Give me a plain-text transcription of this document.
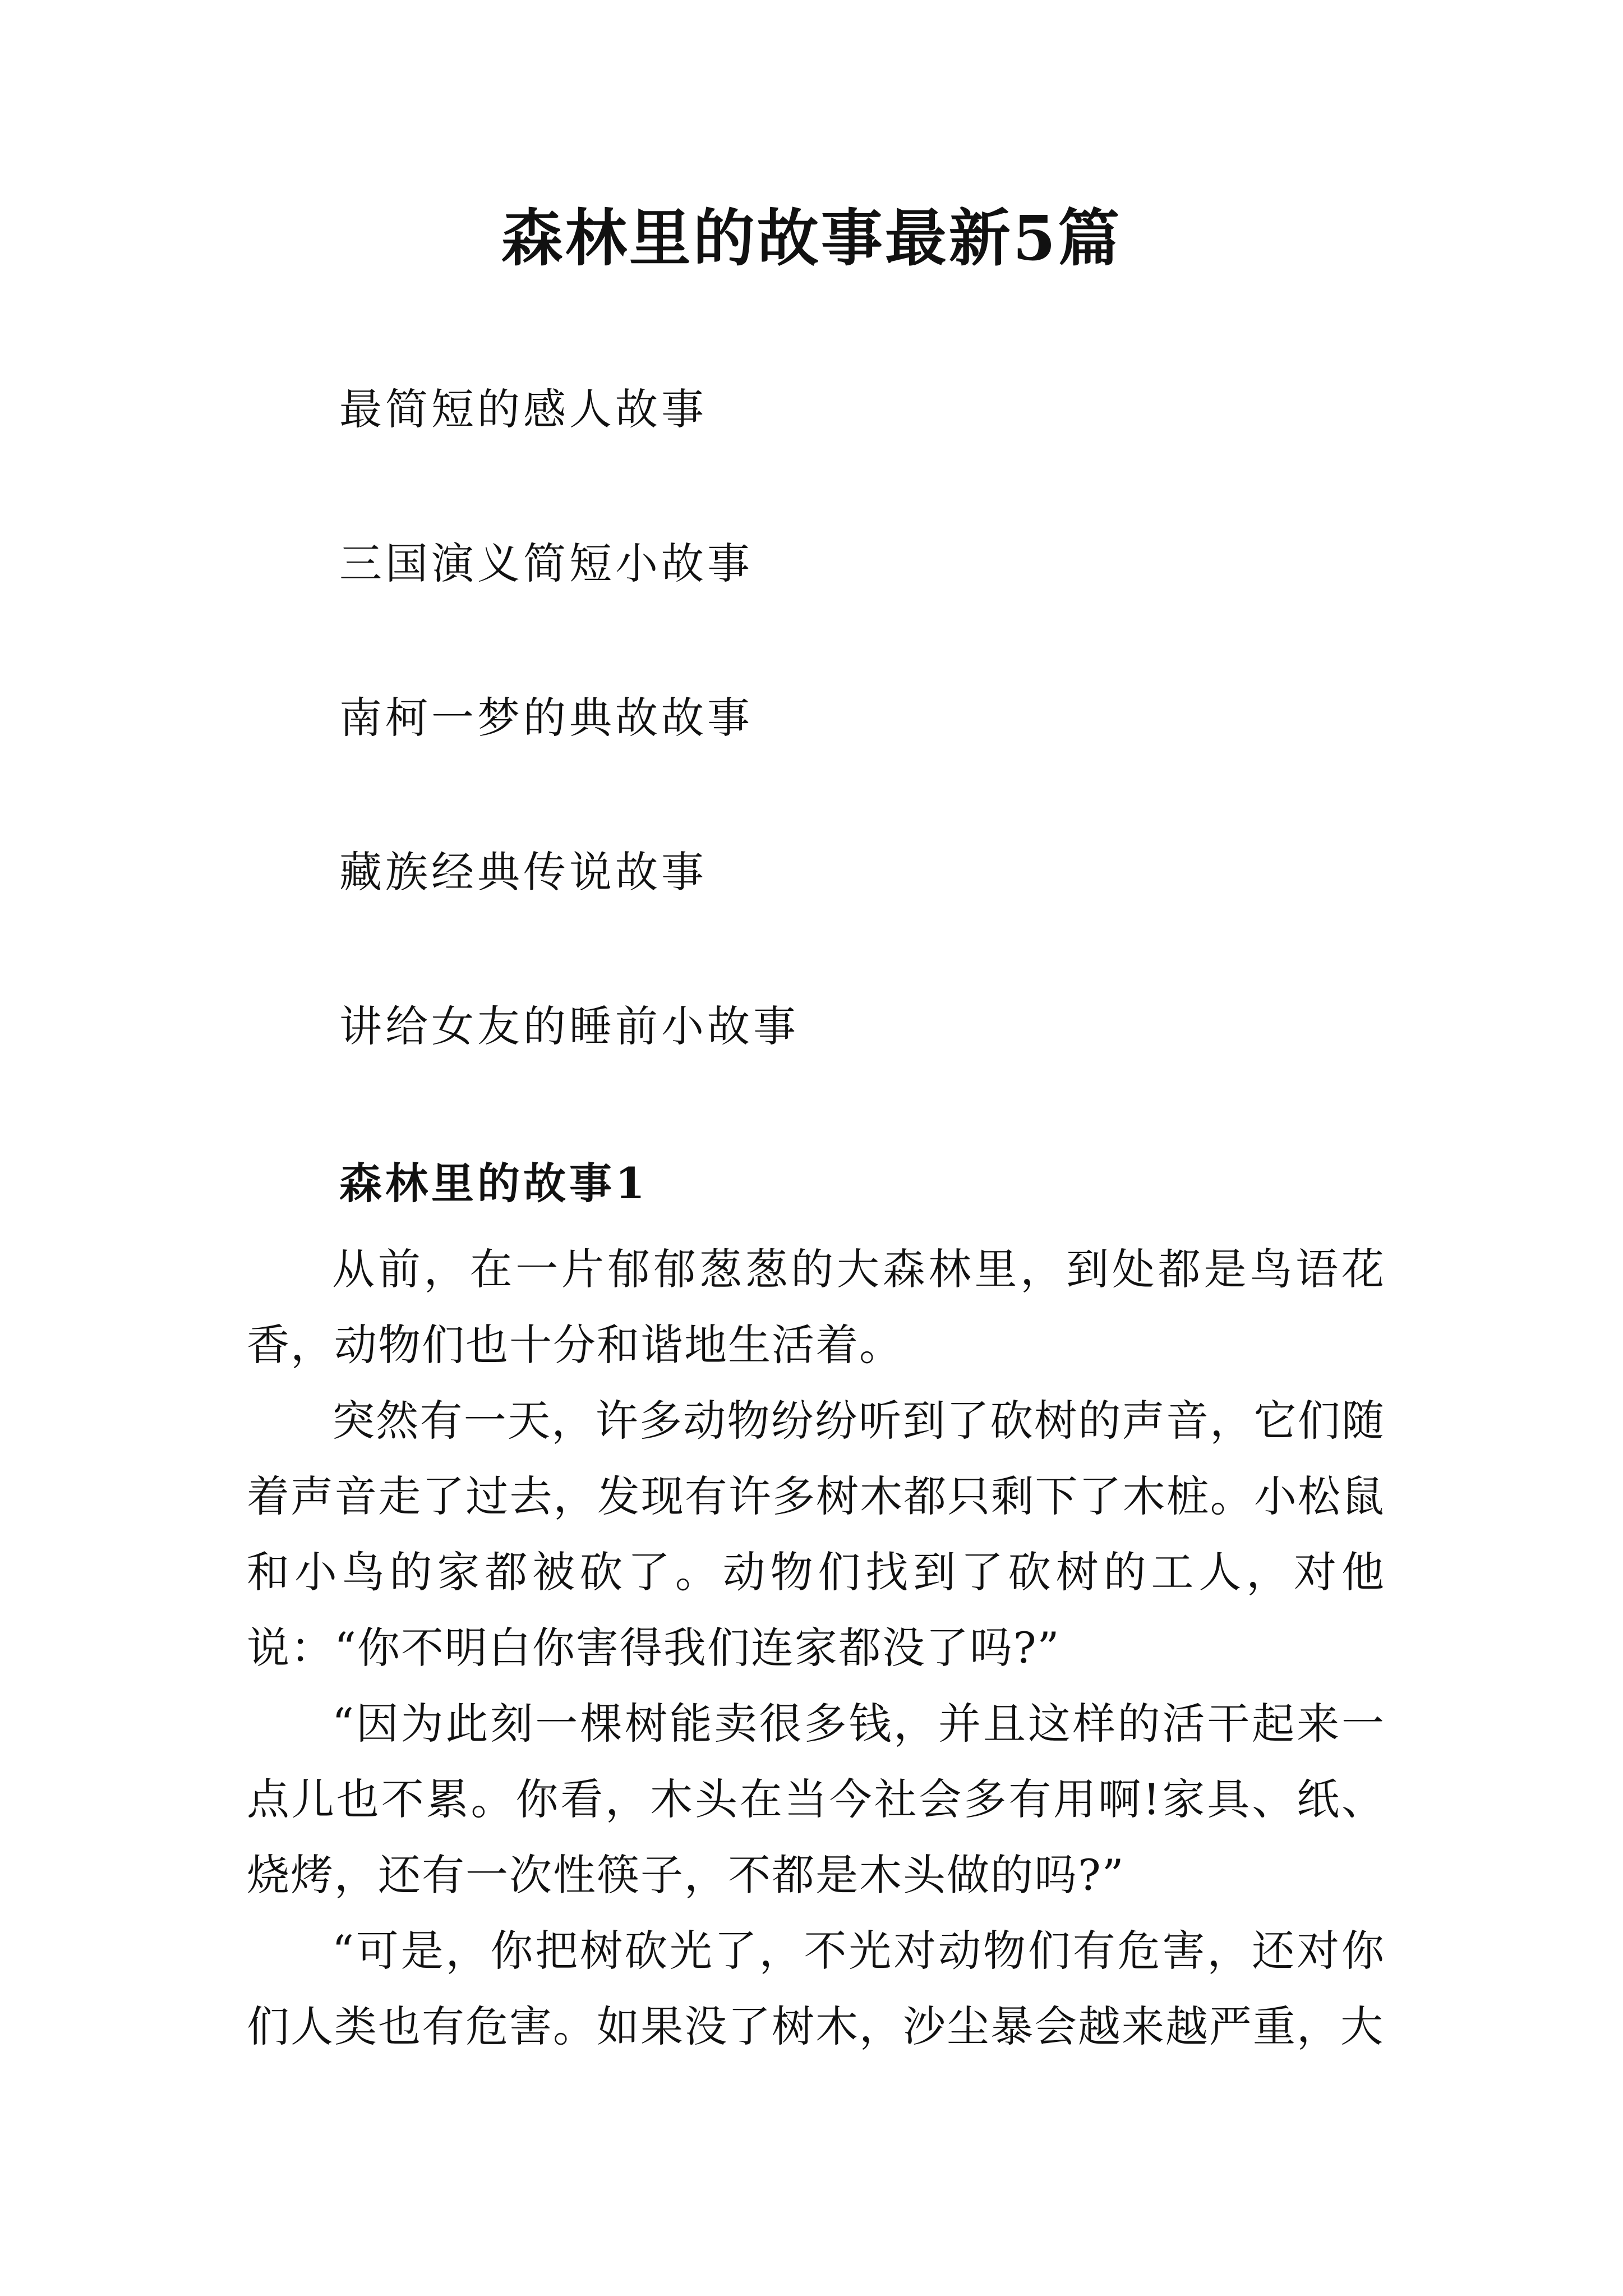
森林里的故事最新5篇
最简短的感人故事
三国演义简短小故事
南柯一梦的典故故事
藏族经典传说故事
讲给女友的睡前小故事
森林里的故事1

从前，在一片郁郁葱葱的大森林里，到处都是鸟语花香，动物们也十分和谐地生活着。

突然有一天，许多动物纷纷听到了砍树的声音，它们随着声音走了过去，发现有许多树木都只剩下了木桩。小松鼠和小鸟的家都被砍了。动物们找到了砍树的工人，对他说：“你不明白你害得我们连家都没了吗?”

“因为此刻一棵树能卖很多钱，并且这样的活干起来一点儿也不累。你看，木头在当今社会多有用啊!家具、纸、烧烤，还有一次性筷子，不都是木头做的吗?”

“可是，你把树砍光了，不光对动物们有危害，还对你们人类也有危害。如果没了树木，沙尘暴会越来越严重，大
